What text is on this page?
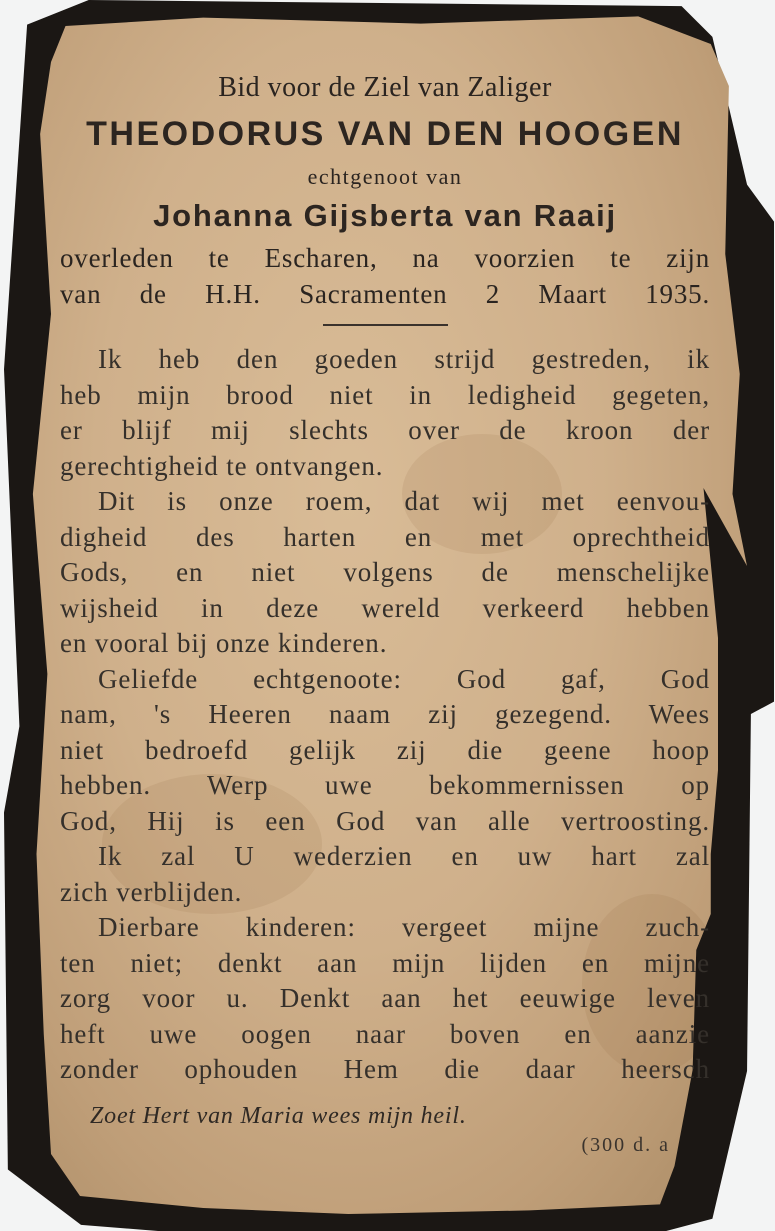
Bid voor de Ziel van Zaliger
THEODORUS VAN DEN HOOGEN
echtgenoot van
Johanna Gijsberta van Raaij
overleden te Escharen, na voorzien te zijn
van de H.H. Sacramenten 2 Maart 1935.
Ik heb den goeden strijd gestreden, ik
heb mijn brood niet in ledigheid gegeten,
er blijf mij slechts over de kroon der
gerechtigheid te ontvangen.
Dit is onze roem, dat wij met eenvou-
digheid des harten en met oprechtheid
Gods, en niet volgens de menschelijke
wijsheid in deze wereld verkeerd hebben
en vooral bij onze kinderen.
Geliefde echtgenoote: God gaf, God
nam, 's Heeren naam zij gezegend. Wees
niet bedroefd gelijk zij die geene hoop
hebben. Werp uwe bekommernissen op
God, Hij is een God van alle vertroosting.
Ik zal U wederzien en uw hart zal
zich verblijden.
Dierbare kinderen: vergeet mijne zuch-
ten niet; denkt aan mijn lijden en mijne
zorg voor u. Denkt aan het eeuwige leven
heft uwe oogen naar boven en aanzie
zonder ophouden Hem die daar heersch
Zoet Hert van Maria wees mijn heil.
(300 d. a
